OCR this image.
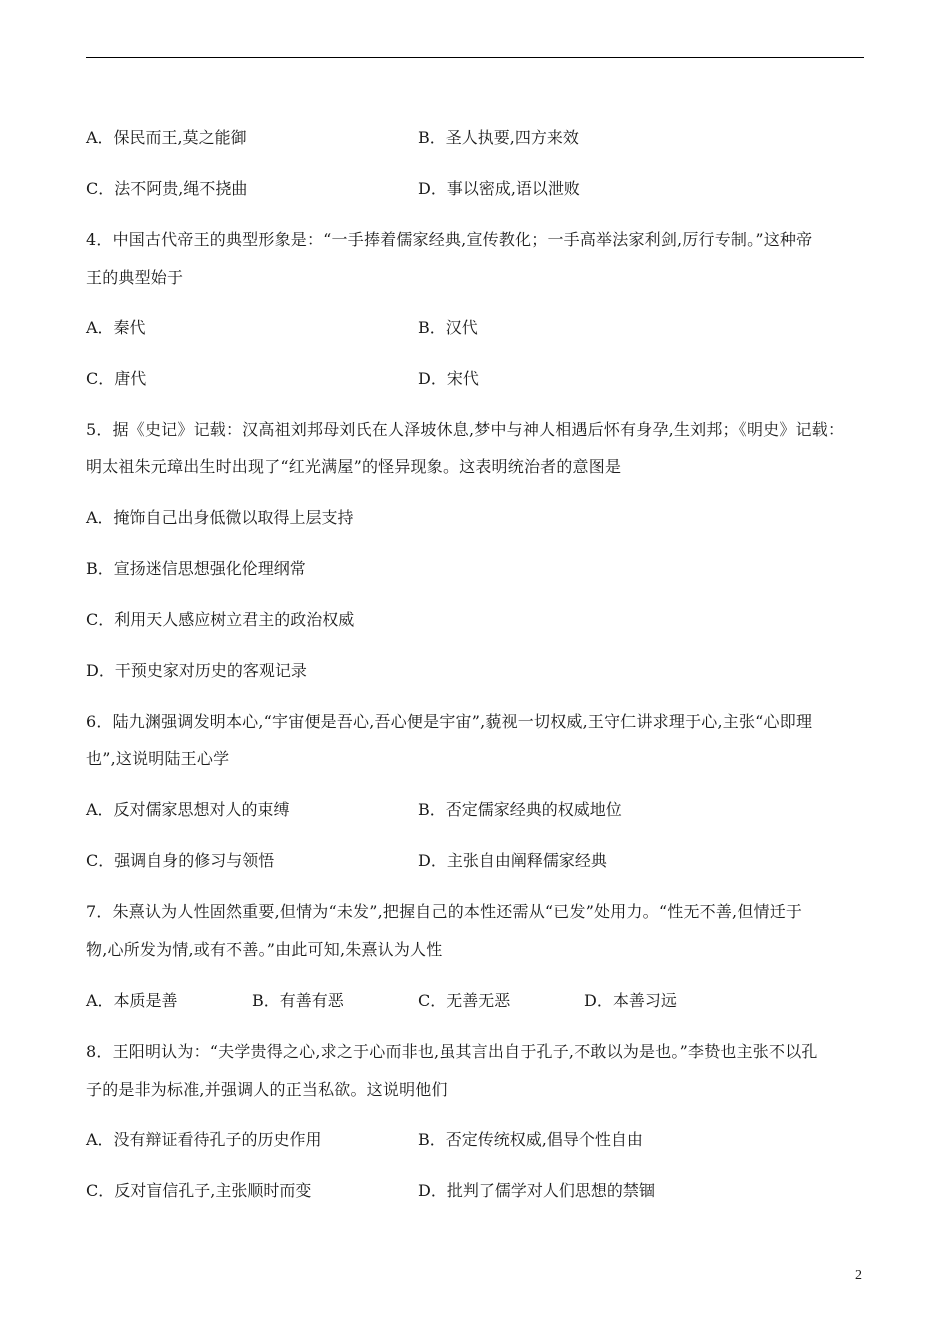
A．保民而王,莫之能御	B．圣人执要,四方来效
C．法不阿贵,绳不挠曲	D．事以密成,语以泄败
4．中国古代帝王的典型形象是：“一手捧着儒家经典,宣传教化；一手高举法家利剑,厉行专制。”这种帝
王的典型始于
A．秦代	B．汉代
C．唐代	D．宋代
5．据《史记》记载：汉高祖刘邦母刘氏在人泽坡休息,梦中与神人相遇后怀有身孕,生刘邦；《明史》记载：
明太祖朱元璋出生时出现了“红光满屋”的怪异现象。这表明统治者的意图是
A．掩饰自己出身低微以取得上层支持
B．宣扬迷信思想强化伦理纲常
C．利用天人感应树立君主的政治权威
D．干预史家对历史的客观记录
6．陆九渊强调发明本心,“宇宙便是吾心,吾心便是宇宙”,藐视一切权威,王守仁讲求理于心,主张“心即理
也”,这说明陆王心学
A．反对儒家思想对人的束缚	B．否定儒家经典的权威地位
C．强调自身的修习与领悟	D．主张自由阐释儒家经典
7．朱熹认为人性固然重要,但情为“未发”,把握自己的本性还需从“已发”处用力。“性无不善,但情迁于
物,心所发为情,或有不善。”由此可知,朱熹认为人性
A．本质是善	B．有善有恶	C．无善无恶	D．本善习远
8．王阳明认为：“夫学贵得之心,求之于心而非也,虽其言出自于孔子,不敢以为是也。”李贽也主张不以孔
子的是非为标准,并强调人的正当私欲。这说明他们
A．没有辩证看待孔子的历史作用	B．否定传统权威,倡导个性自由
C．反对盲信孔子,主张顺时而变	D．批判了儒学对人们思想的禁锢
2
